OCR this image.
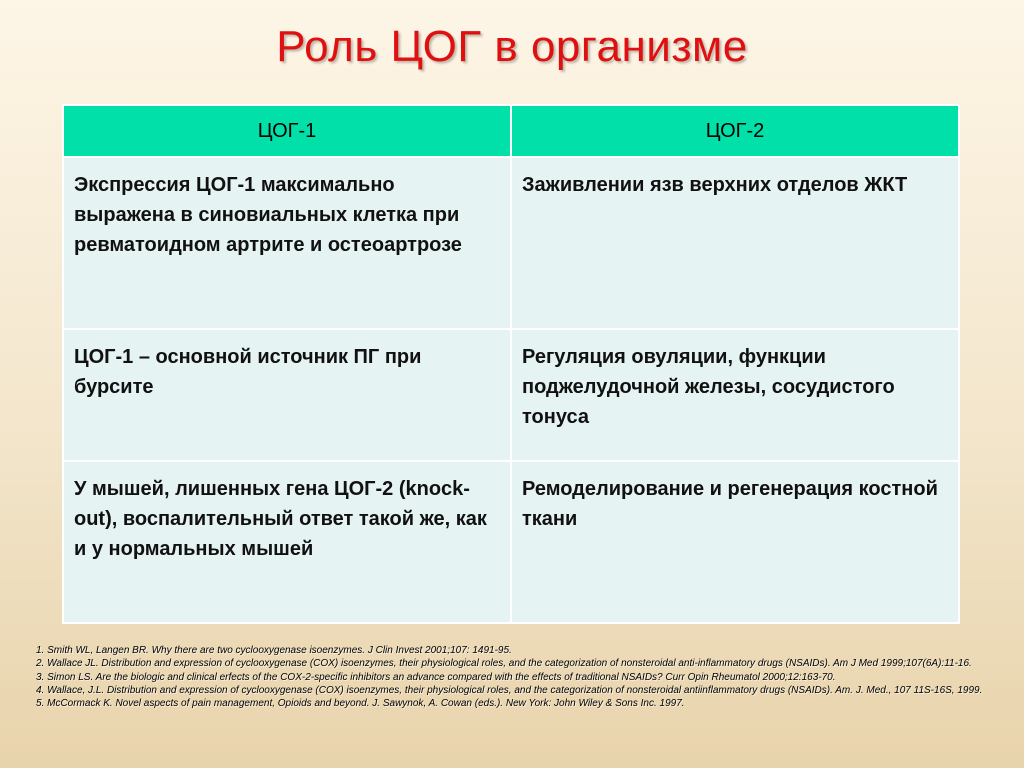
Роль ЦОГ в организме
ЦОГ-1	ЦОГ-2
Экспрессия ЦОГ-1 максимально выражена в синовиальных клетка при ревматоидном артрите и остеоартрозе	Заживлении язв верхних отделов ЖКТ
ЦОГ-1 – основной источник ПГ при бурсите	Регуляция овуляции, функции поджелудочной железы, сосудистого тонуса
У мышей, лишенных гена ЦОГ-2 (knock-out), воспалительный ответ такой же, как и у нормальных мышей	Ремоделирование и регенерация костной ткани
1. Smith WL, Langen BR. Why there are two cyclooxygenase isoenzymes. J Clin Invest 2001;107: 1491-95.
2. Wallace JL. Distribution and expression of cyclooxygenase (COX) isoenzymes, their physiological roles, and the categorization of nonsteroidal anti-inflammatory drugs (NSAIDs). Am J Med 1999;107(6A):11-16.
3. Simon LS. Are the biologic and clinical erfects of the COX-2-specific inhibitors an advance compared with the effects of traditional NSAIDs? Curr Opin Rheumatol 2000;12:163-70.
4. Wallace, J.L. Distribution and expression of cyclooxygenase (COX) isoenzymes, their physiological roles, and the categorization of nonsteroidal antiinflammatory drugs (NSAIDs). Am. J. Med., 107 11S-16S, 1999.
5. McCormack K. Novel aspects of pain management, Opioids and beyond. J. Sawynok, A. Cowan (eds.). New York: John Wiley & Sons Inc. 1997.
